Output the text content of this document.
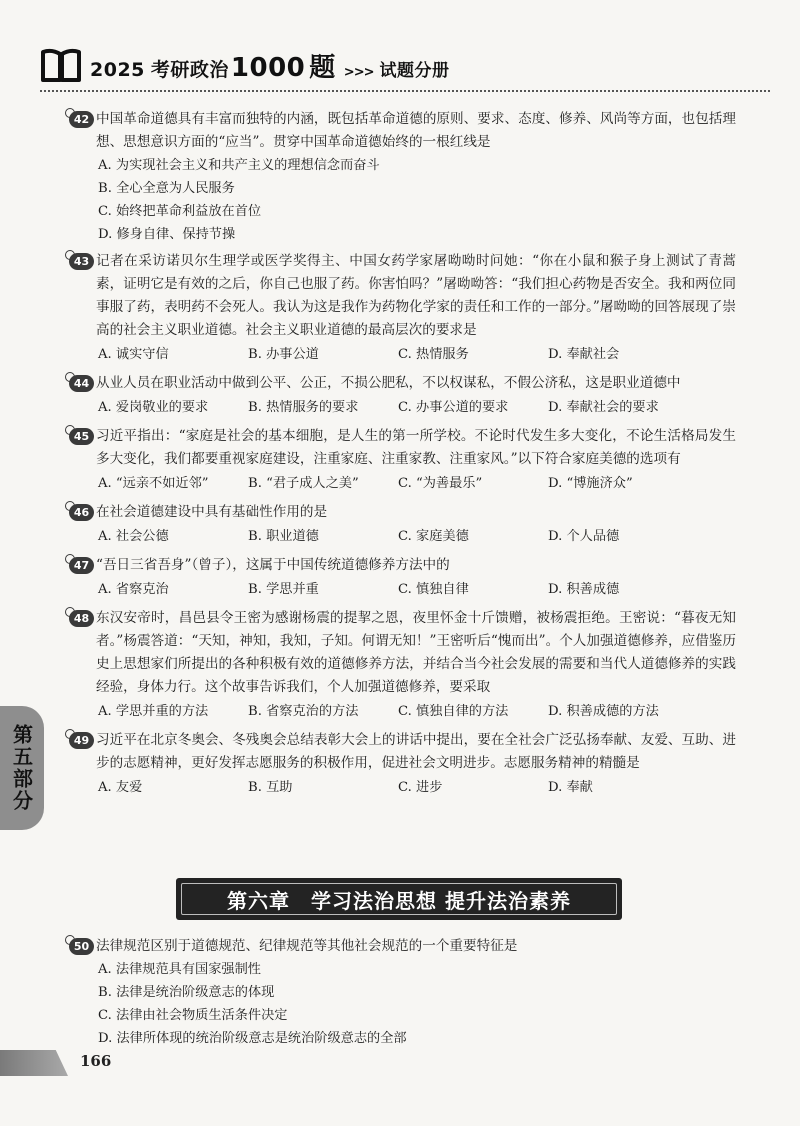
2025 考研政治 1000 题 >>> 试题分册
42 中国革命道德具有丰富而独特的内涵，既包括革命道德的原则、要求、态度、修养、风尚等方面，也包括理想、思想意识方面的“应当”。贯穿中国革命道德始终的一根红线是
A. 为实现社会主义和共产主义的理想信念而奋斗
B. 全心全意为人民服务
C. 始终把革命利益放在首位
D. 修身自律、保持节操
43 记者在采访诺贝尔生理学或医学奖得主、中国女药学家屠呦呦时问她：“你在小鼠和猴子身上测试了青蒿素，证明它是有效的之后，你自己也服了药。你害怕吗？”屠呦呦答：“我们担心药物是否安全。我和两位同事服了药，表明药不会死人。我认为这是我作为药物化学家的责任和工作的一部分。”屠呦呦的回答展现了崇高的社会主义职业道德。社会主义职业道德的最高层次的要求是
A. 诚实守信	B. 办事公道	C. 热情服务	D. 奉献社会
44 从业人员在职业活动中做到公平、公正，不损公肥私，不以权谋私，不假公济私，这是职业道德中
A. 爱岗敬业的要求	B. 热情服务的要求	C. 办事公道的要求	D. 奉献社会的要求
45 习近平指出：“家庭是社会的基本细胞，是人生的第一所学校。不论时代发生多大变化，不论生活格局发生多大变化，我们都要重视家庭建设，注重家庭、注重家教、注重家风。”以下符合家庭美德的选项有
A. “远亲不如近邻”	B. “君子成人之美”	C. “为善最乐”	D. “博施济众”
46 在社会道德建设中具有基础性作用的是
A. 社会公德	B. 职业道德	C. 家庭美德	D. 个人品德
47 “吾日三省吾身”（曾子），这属于中国传统道德修养方法中的
A. 省察克治	B. 学思并重	C. 慎独自律	D. 积善成德
48 东汉安帝时，昌邑县令王密为感谢杨震的提挈之恩，夜里怀金十斤馈赠，被杨震拒绝。王密说：“暮夜无知者。”杨震答道：“天知，神知，我知，子知。何谓无知！”王密听后“愧而出”。个人加强道德修养，应借鉴历史上思想家们所提出的各种积极有效的道德修养方法，并结合当今社会发展的需要和当代人道德修养的实践经验，身体力行。这个故事告诉我们，个人加强道德修养，要采取
A. 学思并重的方法	B. 省察克治的方法	C. 慎独自律的方法	D. 积善成德的方法
49 习近平在北京冬奥会、冬残奥会总结表彰大会上的讲话中提出，要在全社会广泛弘扬奉献、友爱、互助、进步的志愿精神，更好发挥志愿服务的积极作用，促进社会文明进步。志愿服务精神的精髓是
A. 友爱	B. 互助	C. 进步	D. 奉献
第六章　学习法治思想 提升法治素养
50 法律规范区别于道德规范、纪律规范等其他社会规范的一个重要特征是
A. 法律规范具有国家强制性
B. 法律是统治阶级意志的体现
C. 法律由社会物质生活条件决定
D. 法律所体现的统治阶级意志是统治阶级意志的全部
第五部分
166
